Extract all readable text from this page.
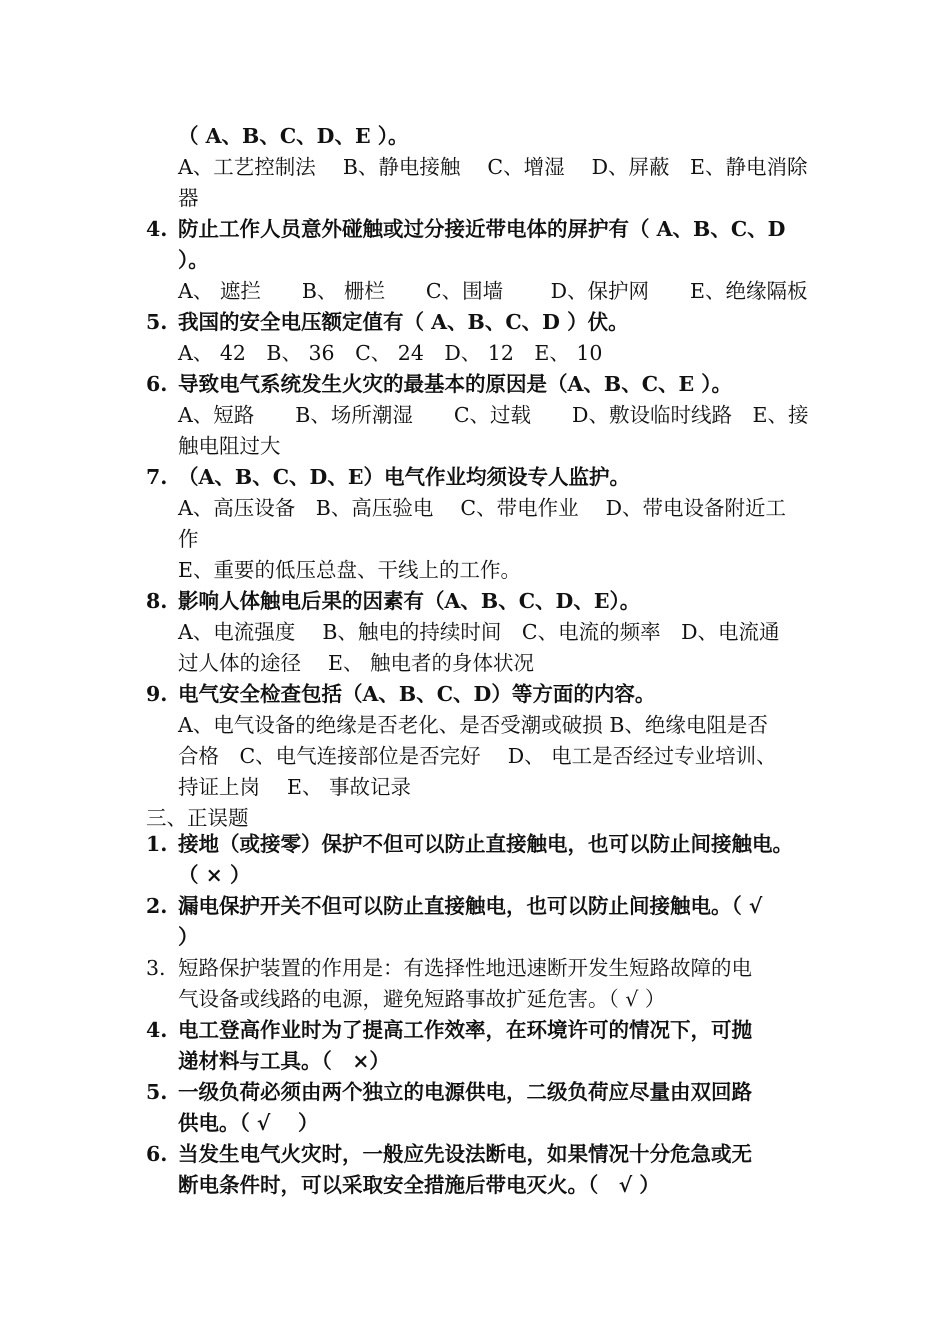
（ A、B、C、D、E ）。
A、工艺控制法　 B、静电接触　 C、增湿　 D、屏蔽　E、静电消除
器
4. 防止工作人员意外碰触或过分接近带电体的屏护有（ A、B、C、D
）。
A、 遮拦　　B、 栅栏　　C、围墙　　 D、保护网　　E、绝缘隔板
5. 我国的安全电压额定值有（ A、B、C、D ）伏。
A、 42　B、 36　C、 24　D、 12　E、 10
6. 导致电气系统发生火灾的最基本的原因是（A、B、C、E ）。
A、短路　　B、场所潮湿　　C、过载　　D、敷设临时线路　E、接
触电阻过大
7. （A、B、C、D、E）电气作业均须设专人监护。
A、高压设备　B、高压验电　 C、带电作业　 D、带电设备附近工
作
E、重要的低压总盘、干线上的工作。
8. 影响人体触电后果的因素有（A、B、C、D、E）。
A、电流强度　 B、触电的持续时间　C、电流的频率　D、电流通
过人体的途径　 E、 触电者的身体状况
9. 电气安全检查包括（A、B、C、D）等方面的内容。
A、电气设备的绝缘是否老化、是否受潮或破损 B、绝缘电阻是否
合格　C、电气连接部位是否完好　 D、 电工是否经过专业培训、
持证上岗　 E、 事故记录
三、正误题
1. 接地（或接零）保护不但可以防止直接触电，也可以防止间接触电。
（ × ）
2. 漏电保护开关不但可以防止直接触电，也可以防止间接触电。（ √
）
3. 短路保护装置的作用是：有选择性地迅速断开发生短路故障的电
气设备或线路的电源，避免短路事故扩延危害。（ √ ）
4. 电工登高作业时为了提高工作效率，在环境许可的情况下，可抛
递材料与工具。（　×）
5. 一级负荷必须由两个独立的电源供电，二级负荷应尽量由双回路
供电。（ √　 ）
6. 当发生电气火灾时，一般应先设法断电，如果情况十分危急或无
断电条件时，可以采取安全措施后带电灭火。（　√ ）
